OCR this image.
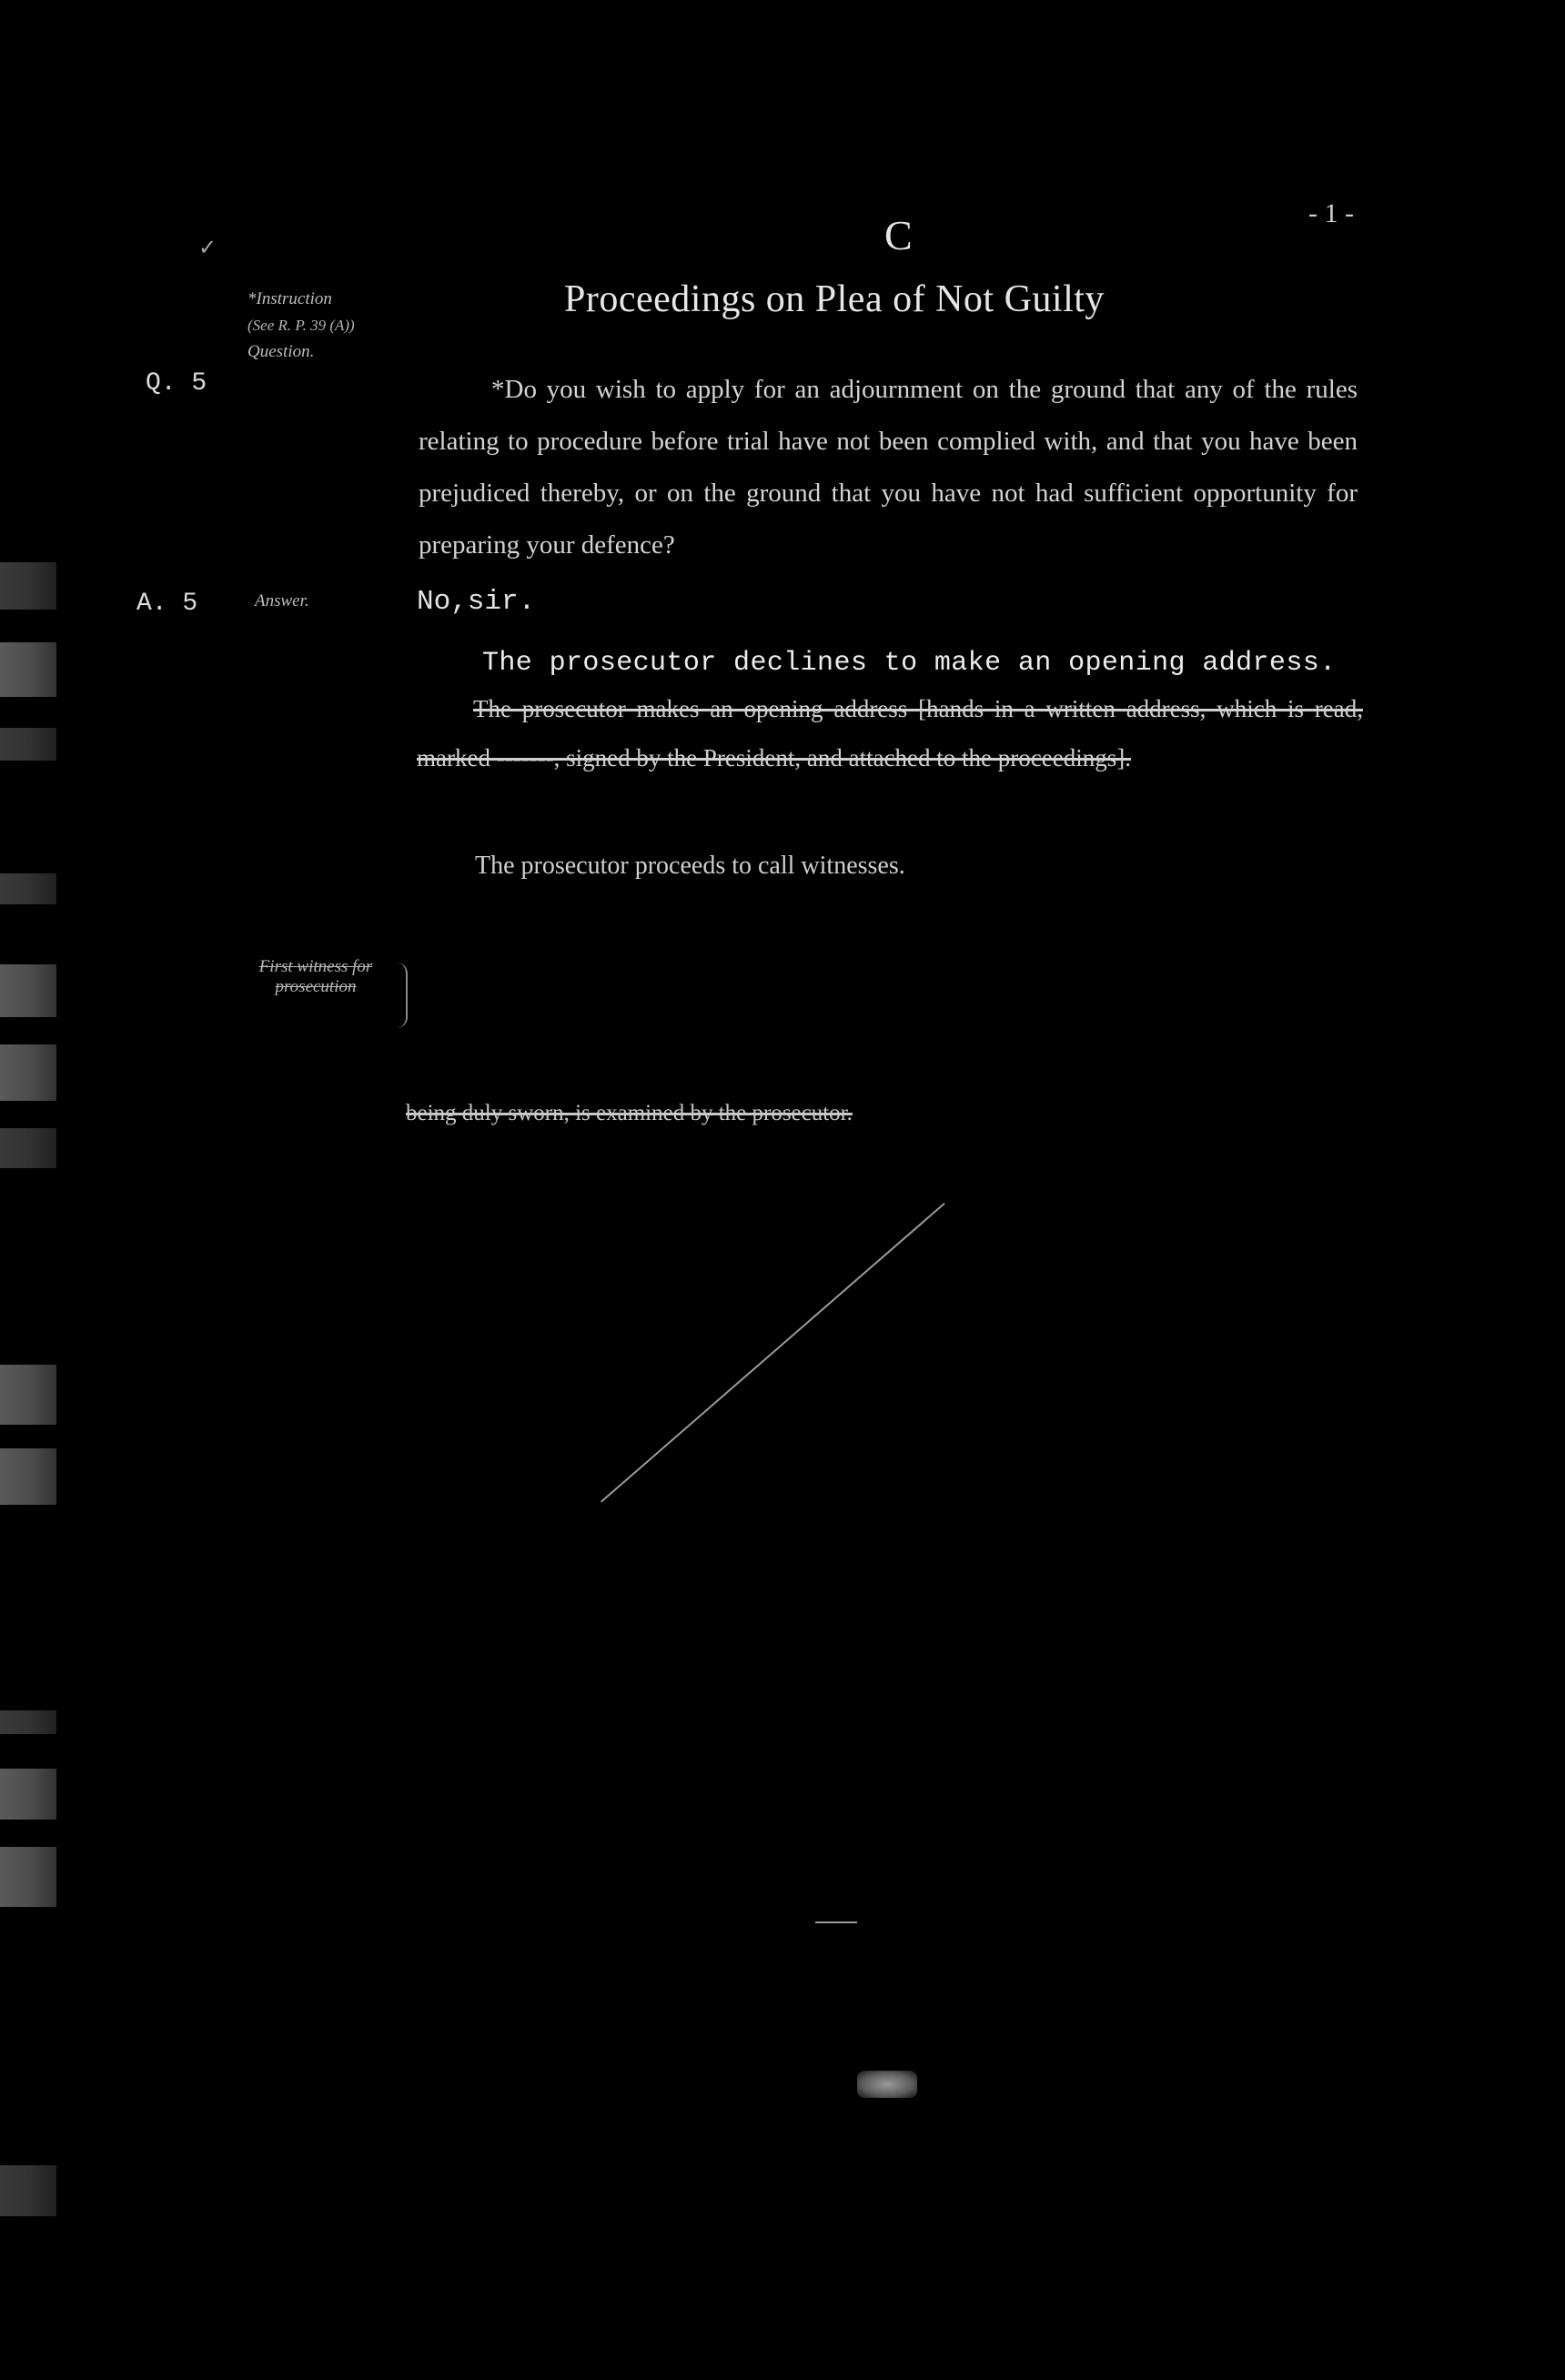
- 1 -
C
Proceedings on Plea of Not Guilty
✓
*Instruction
(See R. P. 39 (A))
Question.
Answer.
Q. 5
A. 5
*Do you wish to apply for an adjournment on the ground that any of the rules relating to procedure before trial have not been complied with, and that you have been prejudiced thereby, or on the ground that you have not had sufficient opportunity for preparing your defence?
No,sir.
The prosecutor declines to make an opening address.
The prosecutor makes an opening address [hands in a written address, which is read, marked -------, signed by the President, and attached to the proceedings].
The prosecutor proceeds to call witnesses.
First witness for prosecution
being duly sworn, is examined by the prosecutor.
